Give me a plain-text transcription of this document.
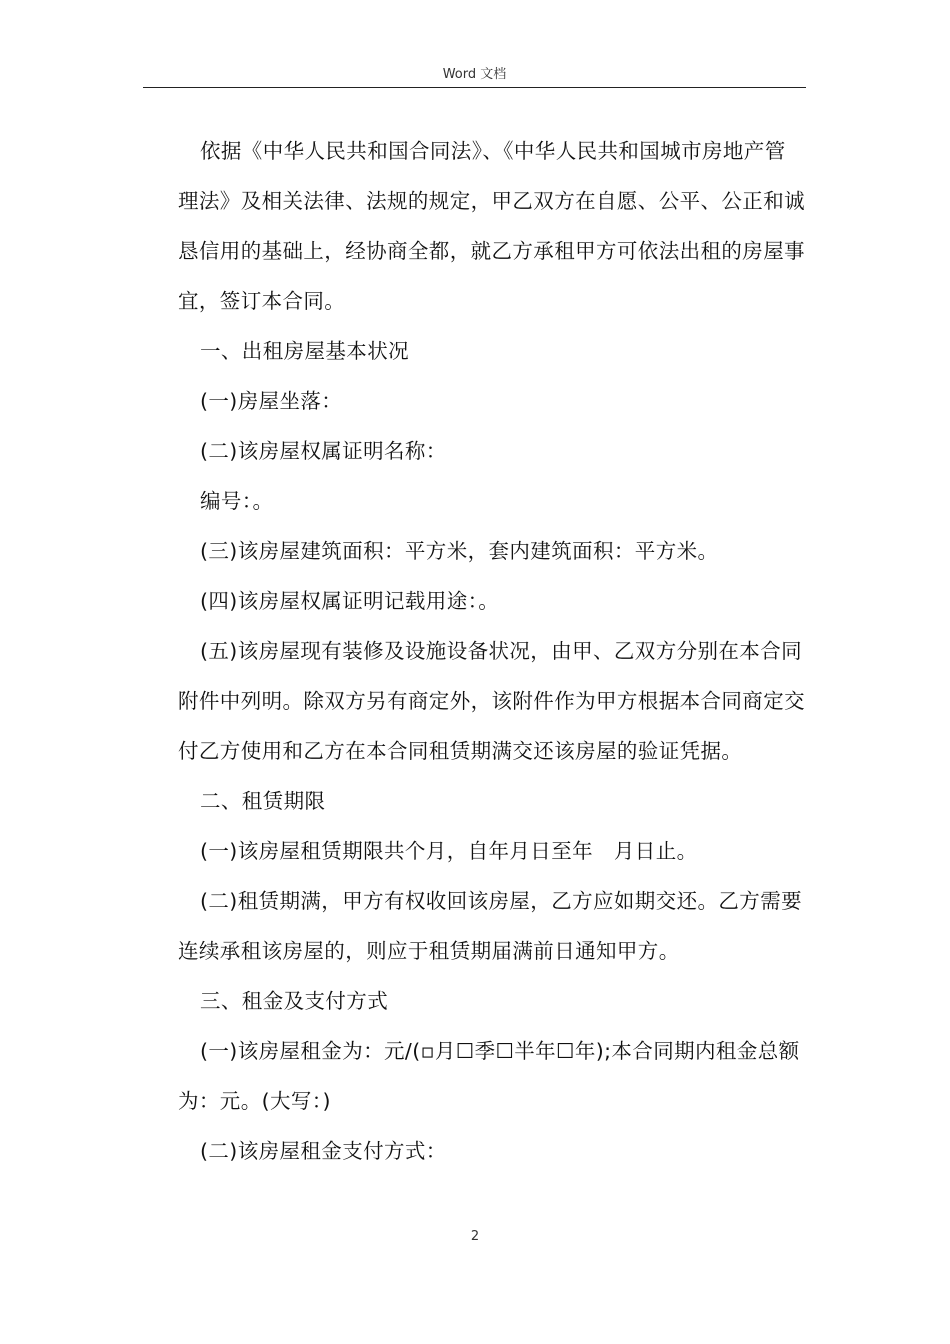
Word 文档

依据《中华人民共和国合同法》、《中华人民共和国城市房地产管理法》及相关法律、法规的规定，甲乙双方在自愿、公平、公正和诚恳信用的基础上，经协商全都，就乙方承租甲方可依法出租的房屋事宜，签订本合同。

一、出租房屋基本状况

(一)房屋坐落：

(二)该房屋权属证明名称：

编号：。

(三)该房屋建筑面积：平方米，套内建筑面积：平方米。

(四)该房屋权属证明记载用途：。

(五)该房屋现有装修及设施设备状况，由甲、乙双方分别在本合同附件中列明。除双方另有商定外，该附件作为甲方根据本合同商定交付乙方使用和乙方在本合同租赁期满交还该房屋的验证凭据。

二、租赁期限

(一)该房屋租赁期限共个月，自年月日至年　月日止。

(二)租赁期满，甲方有权收回该房屋，乙方应如期交还。乙方需要连续承租该房屋的，则应于租赁期届满前日通知甲方。

三、租金及支付方式

(一)该房屋租金为：元/(▫月☐季☐半年☐年);本合同期内租金总额为：元。(大写：)

(二)该房屋租金支付方式：

2
